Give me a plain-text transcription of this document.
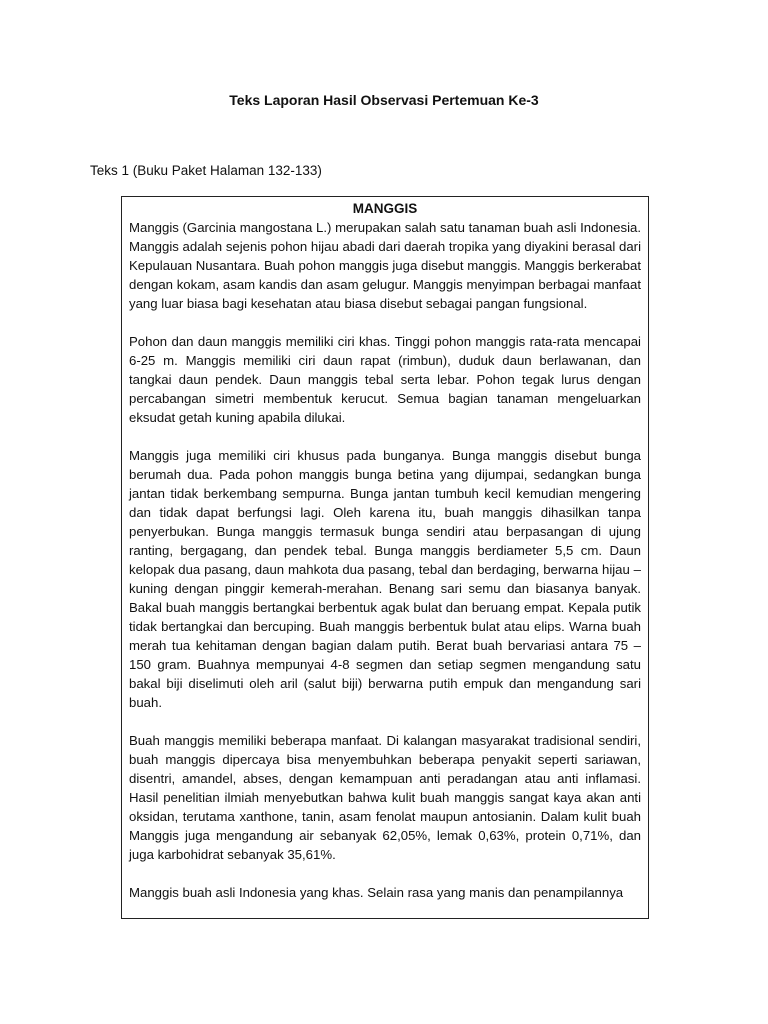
Teks Laporan Hasil Observasi Pertemuan Ke-3

Teks 1 (Buku Paket Halaman 132-133)

MANGGIS

Manggis (Garcinia mangostana L.) merupakan salah satu tanaman buah asli Indonesia. Manggis adalah sejenis pohon hijau abadi dari daerah tropika yang diyakini berasal dari Kepulauan Nusantara. Buah pohon manggis juga disebut manggis. Manggis berkerabat dengan kokam, asam kandis dan asam gelugur. Manggis menyimpan berbagai manfaat yang luar biasa bagi kesehatan atau biasa disebut sebagai pangan fungsional.

Pohon dan daun manggis memiliki ciri khas. Tinggi pohon manggis rata-rata mencapai 6-25 m. Manggis memiliki ciri daun rapat (rimbun), duduk daun berlawanan, dan tangkai daun pendek. Daun manggis tebal serta lebar. Pohon tegak lurus dengan percabangan simetri membentuk kerucut. Semua bagian tanaman mengeluarkan eksudat getah kuning apabila dilukai.

Manggis juga memiliki ciri khusus pada bunganya. Bunga manggis disebut bunga berumah dua. Pada pohon manggis bunga betina yang dijumpai, sedangkan bunga jantan tidak berkembang sempurna. Bunga jantan tumbuh kecil kemudian mengering dan tidak dapat berfungsi lagi. Oleh karena itu, buah manggis dihasilkan tanpa penyerbukan. Bunga manggis termasuk bunga sendiri atau berpasangan di ujung ranting, bergagang, dan pendek tebal. Bunga manggis berdiameter 5,5 cm. Daun kelopak dua pasang, daun mahkota dua pasang, tebal dan berdaging, berwarna hijau – kuning dengan pinggir kemerah-merahan. Benang sari semu dan biasanya banyak. Bakal buah manggis bertangkai berbentuk agak bulat dan beruang empat. Kepala putik tidak bertangkai dan bercuping. Buah manggis berbentuk bulat atau elips. Warna buah merah tua kehitaman dengan bagian dalam putih. Berat buah bervariasi antara 75 – 150 gram. Buahnya mempunyai 4-8 segmen dan setiap segmen mengandung satu bakal biji diselimuti oleh aril (salut biji) berwarna putih empuk dan mengandung sari buah.

Buah manggis memiliki beberapa manfaat. Di kalangan masyarakat tradisional sendiri, buah manggis dipercaya bisa menyembuhkan beberapa penyakit seperti sariawan, disentri, amandel, abses, dengan kemampuan anti peradangan atau anti inflamasi. Hasil penelitian ilmiah menyebutkan bahwa kulit buah manggis sangat kaya akan anti oksidan, terutama xanthone, tanin, asam fenolat maupun antosianin. Dalam kulit buah Manggis juga mengandung air sebanyak 62,05%, lemak 0,63%, protein 0,71%, dan juga karbohidrat sebanyak 35,61%.

Manggis buah asli Indonesia yang khas. Selain rasa yang manis dan penampilannya
